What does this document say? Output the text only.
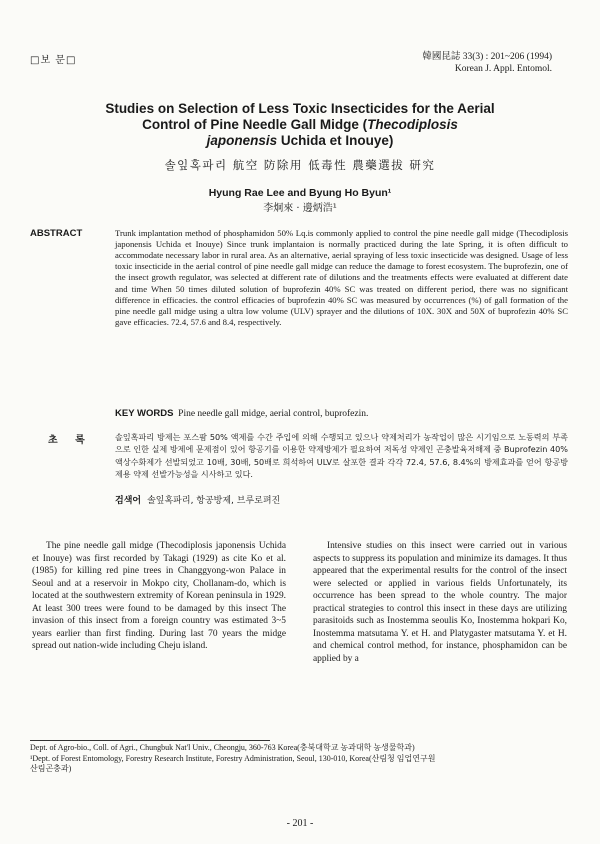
□보 문□	韓國昆誌 33(3) : 201~206 (1994)
Korean J. Appl. Entomol.
Studies on Selection of Less Toxic Insecticides for the Aerial
Control of Pine Needle Gall Midge (Thecodiplosis
japonensis Uchida et Inouye)
솔잎혹파리 航空 防除用 低毒性 農藥選拔 研究
Hyung Rae Lee and Byung Ho Byun¹
李炯來 · 邊炳浩¹
ABSTRACT	Trunk implantation method of phosphamidon 50% Lq.is commonly applied to control the pine needle gall midge (Thecodiplosis japonensis Uchida et Inouye) Since trunk implantaion is normally practiced during the late Spring, it is often difficult to accommodate necessary labor in rural area. As an alternative, aerial spraying of less toxic insecticide was designed. Usage of less toxic insecticide in the aerial control of pine needle gall midge can reduce the damage to forest ecosystem. The buprofezin, one of the insect growth regulator, was selected at different rate of dilutions and the treatments effects were evaluated at different date and time When 50 times diluted solution of buprofezin 40% SC was treated on different period, there was no significant difference in efficacies. the control efficacies of buprofezin 40% SC was measured by occurrences (%) of gall formation of the pine needle gall midge using a ultra low volume (ULV) sprayer and the dilutions of 10X. 30X and 50X of buprofezin 40% SC gave efficacies. 72.4, 57.6 and 8.4, respectively.
KEY WORDS Pine needle gall midge, aerial control, buprofezin.
초 록	솔잎혹파리 방제는 포스팜 50% 액제를 수간 주입에 의해 수행되고 있으나 약제처리가 농작업이 많은 시기임으로 노동력의 부족으로 인한 실제 방제에 문제점이 있어 항공기를 이용한 약제방제가 필요하여 저독성 약제인 곤충발육저해제 중 Buprofezin 40% 액상수화제가 선발되었고 10배, 30배, 50배로 희석하여 ULV로 살포한 결과 각각 72.4, 57.6, 8.4%의 방제효과를 얻어 항공방제용 약제 선발가능성을 시사하고 있다.
검색어 솔잎혹파리, 항공방제, 브루로펴진

The pine needle gall midge (Thecodiplosis japonensis Uchida et Inouye) was first recorded by Takagi (1929) as cite Ko et al. (1985) for killing red pine trees in Changgyong-won Palace in Seoul and at a reservoir in Mokpo city, Chollanam-do, which is located at the southwestern extremity of Korean peninsula in 1929. At least 300 trees were found to be damaged by this insect The invasion of this insect from a foreign country was estimated 3~5 years earlier than first finding. During last 70 years the midge spread out nation-wide including Cheju island.

Intensive studies on this insect were carried out in various aspects to suppress its population and minimize its damages. It thus appeared that the experimental results for the control of the insect were selected or applied in various fields Unfortunately, its occurrence has been spread to the whole country. The major practical strategies to control this insect in these days are utilizing parasitoids such as Inostemma seoulis Ko, Inostemma hokpari Ko, Inostemma matsutama Y. et H. and Platygaster matsutama Y. et H. and chemical control method, for instance, phosphamidon can be applied by a

Dept. of Agro-bio., Coll. of Agri., Chungbuk Nat'l Univ., Cheongju, 360-763 Korea(충북대학교 농과대학 농생물학과)
¹Dept. of Forest Entomology, Forestry Research Institute, Forestry Administration, Seoul, 130-010, Korea(산림청 임업연구원
산림곤충과)
- 201 -
